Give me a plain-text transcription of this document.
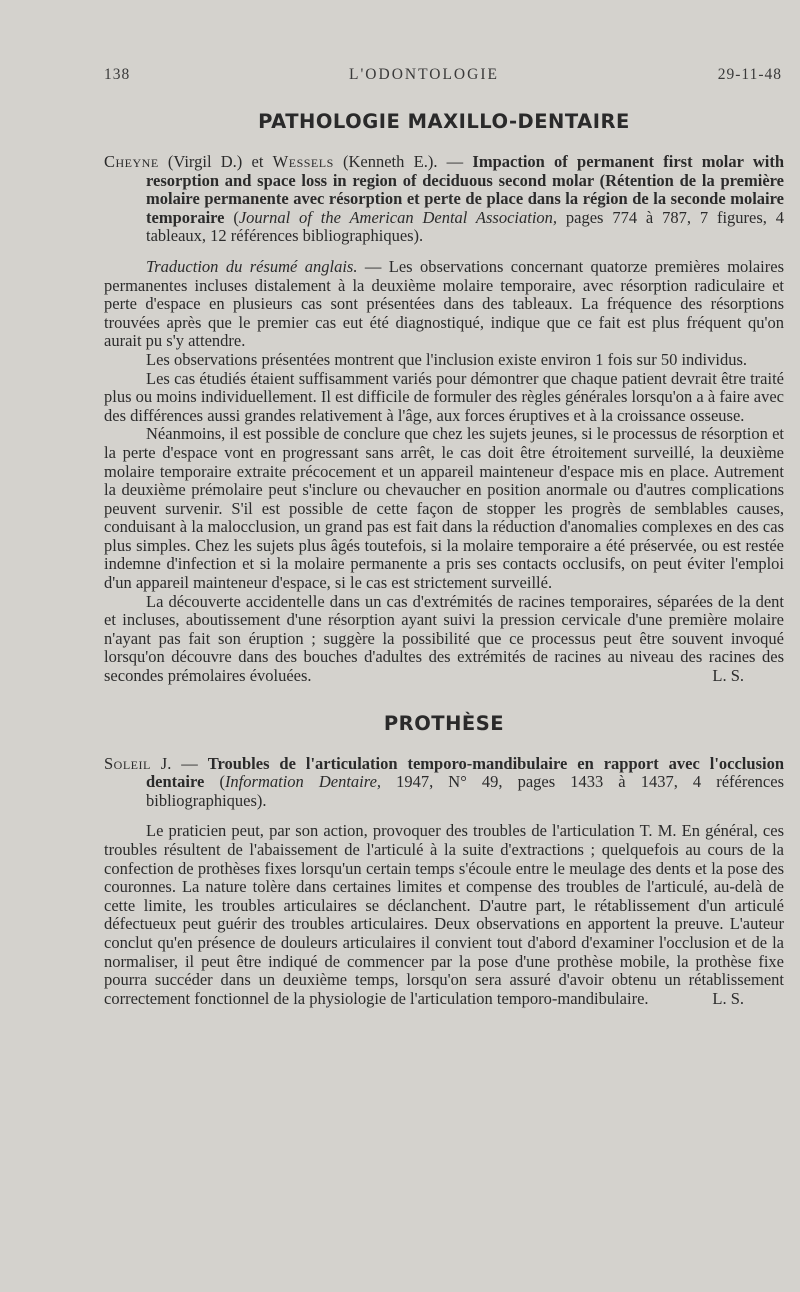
138	L'ODONTOLOGIE	29-11-48
PATHOLOGIE MAXILLO-DENTAIRE

Cheyne (Virgil D.) et Wessels (Kenneth E.). — Impaction of permanent first molar with resorption and space loss in region of deciduous second molar (Rétention de la première molaire permanente avec résorption et perte de place dans la région de la seconde molaire temporaire (Journal of the American Dental Association, pages 774 à 787, 7 figures, 4 tableaux, 12 références bibliographiques).

Traduction du résumé anglais. — Les observations concernant quatorze premières molaires permanentes incluses distalement à la deuxième molaire temporaire, avec résorption radiculaire et perte d'espace en plusieurs cas sont présentées dans des tableaux. La fréquence des résorptions trouvées après que le premier cas eut été diagnostiqué, indique que ce fait est plus fréquent qu'on aurait pu s'y attendre.

Les observations présentées montrent que l'inclusion existe environ 1 fois sur 50 individus.

Les cas étudiés étaient suffisamment variés pour démontrer que chaque patient devrait être traité plus ou moins individuellement. Il est difficile de formuler des règles générales lorsqu'on a à faire avec des différences aussi grandes relativement à l'âge, aux forces éruptives et à la croissance osseuse.

Néanmoins, il est possible de conclure que chez les sujets jeunes, si le processus de résorption et la perte d'espace vont en progressant sans arrêt, le cas doit être étroitement surveillé, la deuxième molaire temporaire extraite précocement et un appareil mainteneur d'espace mis en place. Autrement la deuxième prémolaire peut s'inclure ou chevaucher en position anormale ou d'autres complications peuvent survenir. S'il est possible de cette façon de stopper les progrès de semblables causes, conduisant à la malocclusion, un grand pas est fait dans la réduction d'anomalies complexes en des cas plus simples. Chez les sujets plus âgés toutefois, si la molaire temporaire a été préservée, ou est restée indemne d'infection et si la molaire permanente a pris ses contacts occlusifs, on peut éviter l'emploi d'un appareil mainteneur d'espace, si le cas est strictement surveillé.

La découverte accidentelle dans un cas d'extrémités de racines temporaires, séparées de la dent et incluses, aboutissement d'une résorption ayant suivi la pression cervicale d'une première molaire n'ayant pas fait son éruption ; suggère la possibilité que ce processus peut être souvent invoqué lorsqu'on découvre dans des bouches d'adultes des extrémités de racines au niveau des racines des secondes prémolaires évoluées.	L. S.

PROTHÈSE

Soleil J. — Troubles de l'articulation temporo-mandibulaire en rapport avec l'occlusion dentaire (Information Dentaire, 1947, N° 49, pages 1433 à 1437, 4 références bibliographiques).

Le praticien peut, par son action, provoquer des troubles de l'articulation T. M. En général, ces troubles résultent de l'abaissement de l'articulé à la suite d'extractions ; quelquefois au cours de la confection de prothèses fixes lorsqu'un certain temps s'écoule entre le meulage des dents et la pose des couronnes. La nature tolère dans certaines limites et compense des troubles de l'articulé, au-delà de cette limite, les troubles articulaires se déclanchent. D'autre part, le rétablissement d'un articulé défectueux peut guérir des troubles articulaires. Deux observations en apportent la preuve. L'auteur conclut qu'en présence de douleurs articulaires il convient tout d'abord d'examiner l'occlusion et de la normaliser, il peut être indiqué de commencer par la pose d'une prothèse mobile, la prothèse fixe pourra succéder dans un deuxième temps, lorsqu'on sera assuré d'avoir obtenu un rétablissement correctement fonctionnel de la physiologie de l'articulation temporo-mandibulaire.	L. S.
